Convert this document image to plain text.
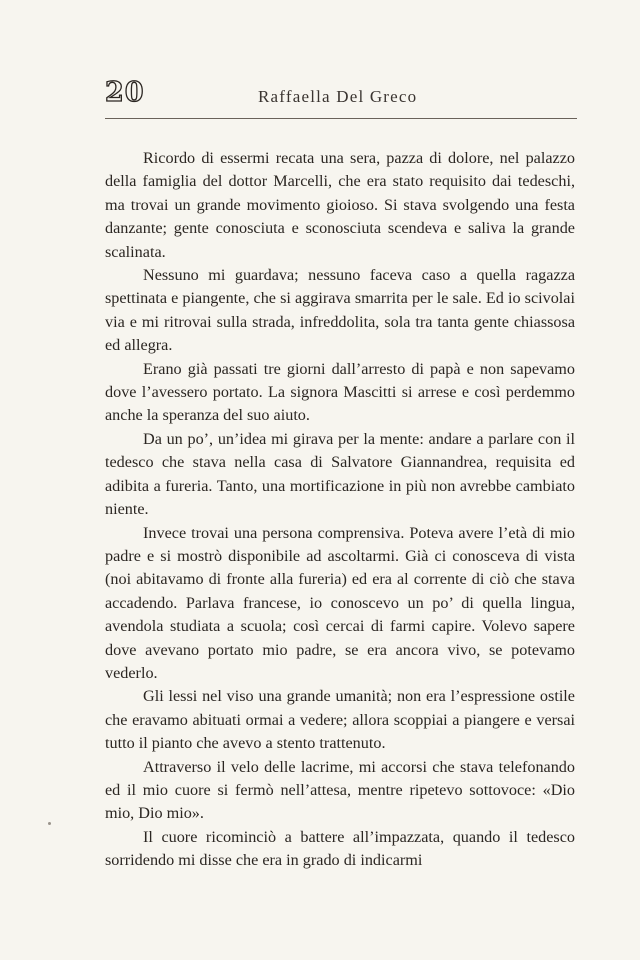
20	Raffaella Del Greco

Ricordo di essermi recata una sera, pazza di dolore, nel palazzo della famiglia del dottor Marcelli, che era stato requisito dai tedeschi, ma trovai un grande movimento gioioso. Si stava svolgendo una festa danzante; gente conosciuta e sconosciuta scendeva e saliva la grande scalinata.

Nessuno mi guardava; nessuno faceva caso a quella ragazza spettinata e piangente, che si aggirava smarrita per le sale. Ed io scivolai via e mi ritrovai sulla strada, infreddolita, sola tra tanta gente chiassosa ed allegra.

Erano già passati tre giorni dall’arresto di papà e non sapevamo dove l’avessero portato. La signora Mascitti si arrese e così perdemmo anche la speranza del suo aiuto.

Da un po’, un’idea mi girava per la mente: andare a parlare con il tedesco che stava nella casa di Salvatore Giannandrea, requisita ed adibita a fureria. Tanto, una mortificazione in più non avrebbe cambiato niente.

Invece trovai una persona comprensiva. Poteva avere l’età di mio padre e si mostrò disponibile ad ascoltarmi. Già ci conosceva di vista (noi abitavamo di fronte alla fureria) ed era al corrente di ciò che stava accadendo. Parlava francese, io conoscevo un po’ di quella lingua, avendola studiata a scuola; così cercai di farmi capire. Volevo sapere dove avevano portato mio padre, se era ancora vivo, se potevamo vederlo.

Gli lessi nel viso una grande umanità; non era l’espressione ostile che eravamo abituati ormai a vedere; allora scoppiai a piangere e versai tutto il pianto che avevo a stento trattenuto.

Attraverso il velo delle lacrime, mi accorsi che stava telefonando ed il mio cuore si fermò nell’attesa, mentre ripetevo sottovoce: «Dio mio, Dio mio».

Il cuore ricominciò a battere all’impazzata, quando il tedesco sorridendo mi disse che era in grado di indicarmi
